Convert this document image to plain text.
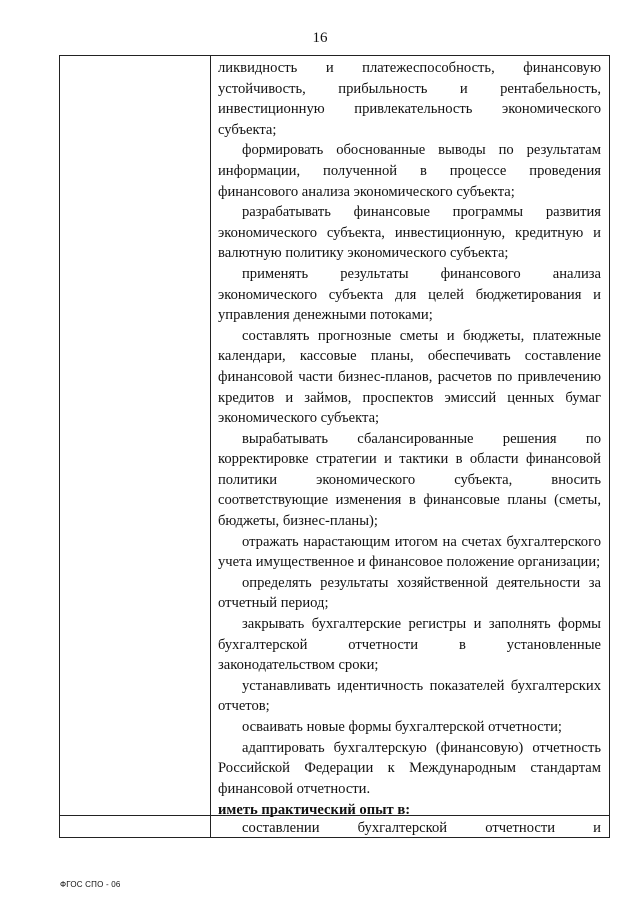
16

ликвидность и платежеспособность, финансовую устойчивость, прибыльность и рентабельность, инвестиционную привлекательность экономического субъекта;

формировать обоснованные выводы по результатам информации, полученной в процессе проведения финансового анализа экономического субъекта;

разрабатывать финансовые программы развития экономического субъекта, инвестиционную, кредитную и валютную политику экономического субъекта;

применять результаты финансового анализа экономического субъекта для целей бюджетирования и управления денежными потоками;

составлять прогнозные сметы и бюджеты, платежные календари, кассовые планы, обеспечивать составление финансовой части бизнес-планов, расчетов по привлечению кредитов и займов, проспектов эмиссий ценных бумаг экономического субъекта;

вырабатывать сбалансированные решения по корректировке стратегии и тактики в области финансовой политики экономического субъекта, вносить соответствующие изменения в финансовые планы (сметы, бюджеты, бизнес-планы);

отражать нарастающим итогом на счетах бухгалтерского учета имущественное и финансовое положение организации;

определять результаты хозяйственной деятельности за отчетный период;

закрывать бухгалтерские регистры и заполнять формы бухгалтерской отчетности в установленные законодательством сроки;

устанавливать идентичность показателей бухгалтерских отчетов;

осваивать новые формы бухгалтерской отчетности;

адаптировать бухгалтерскую (финансовую) отчетность Российской Федерации к Международным стандартам финансовой отчетности.

иметь практический опыт в:

составлении бухгалтерской отчетности и
ФГОС СПО - 06
